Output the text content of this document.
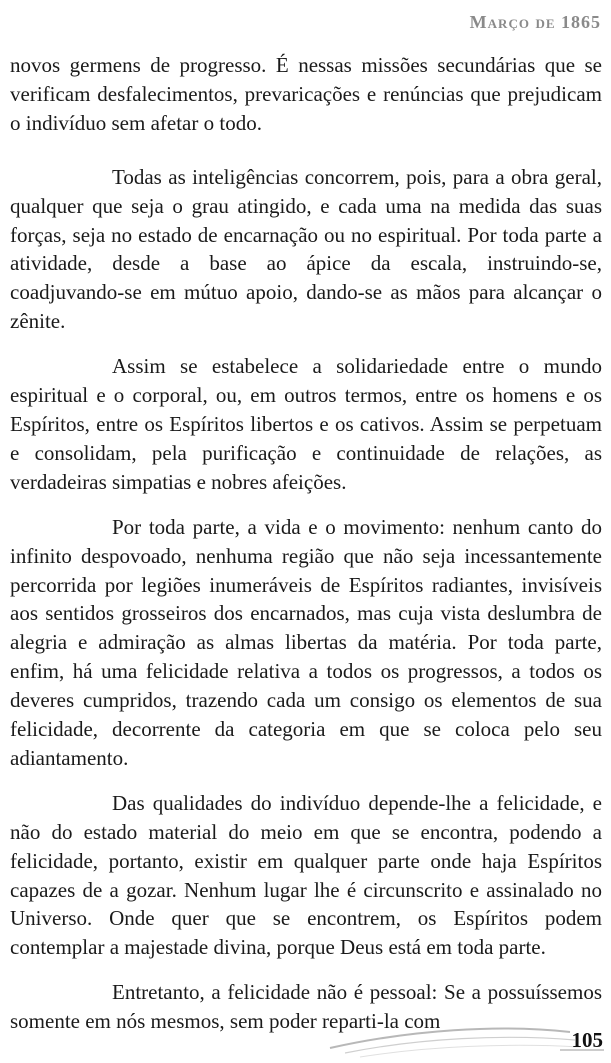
Março de 1865

novos germens de progresso. É nessas missões secundárias que se verificam desfalecimentos, prevaricações e renúncias que prejudicam o indivíduo sem afetar o todo.

Todas as inteligências concorrem, pois, para a obra geral, qualquer que seja o grau atingido, e cada uma na medida das suas forças, seja no estado de encarnação ou no espiritual. Por toda parte a atividade, desde a base ao ápice da escala, instruindo-se, coadjuvando-se em mútuo apoio, dando-se as mãos para alcançar o zênite.

Assim se estabelece a solidariedade entre o mundo espiritual e o corporal, ou, em outros termos, entre os homens e os Espíritos, entre os Espíritos libertos e os cativos. Assim se perpetuam e consolidam, pela purificação e continuidade de relações, as verdadeiras simpatias e nobres afeições.

Por toda parte, a vida e o movimento: nenhum canto do infinito despovoado, nenhuma região que não seja incessantemente percorrida por legiões inumeráveis de Espíritos radiantes, invisíveis aos sentidos grosseiros dos encarnados, mas cuja vista deslumbra de alegria e admiração as almas libertas da matéria. Por toda parte, enfim, há uma felicidade relativa a todos os progressos, a todos os deveres cumpridos, trazendo cada um consigo os elementos de sua felicidade, decorrente da categoria em que se coloca pelo seu adiantamento.

Das qualidades do indivíduo depende-lhe a felicidade, e não do estado material do meio em que se encontra, podendo a felicidade, portanto, existir em qualquer parte onde haja Espíritos capazes de a gozar. Nenhum lugar lhe é circunscrito e assinalado no Universo. Onde quer que se encontrem, os Espíritos podem contemplar a majestade divina, porque Deus está em toda parte.

Entretanto, a felicidade não é pessoal: Se a possuíssemos somente em nós mesmos, sem poder reparti-la com

105
